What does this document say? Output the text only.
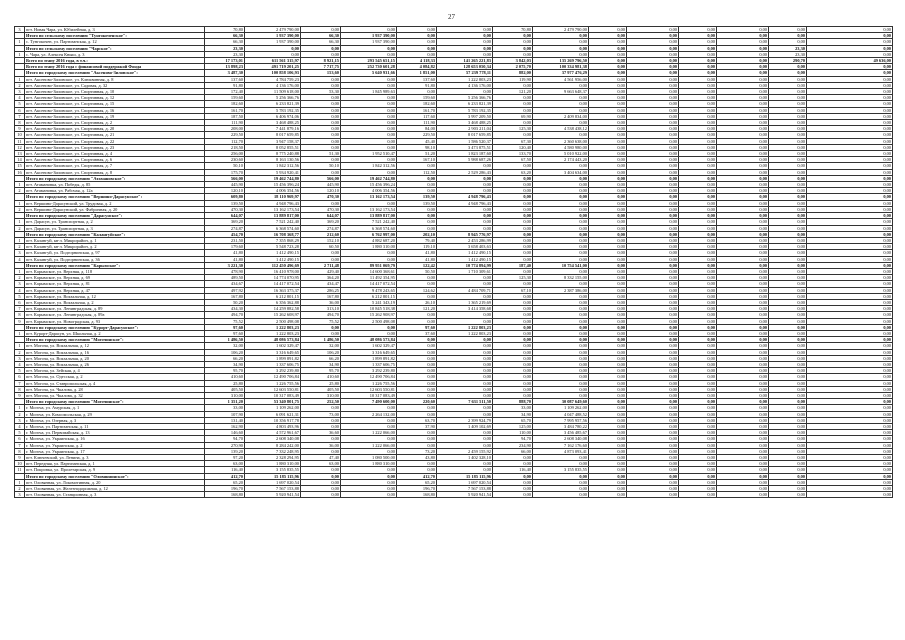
27
3	пгт. Новая Чара, ул. Юбилейная, д. 3	70,80	2 479 790,00	0,00	0,00	0,00	0,00	70,80	2 479 790,00	0,00	0,00	0,00	0,00	0,00	0,00
	Итого по сельскому поселению "Тунгокоченское":	66,30	1 937 390,00	66,30	1 937 390,00	0,00	0,00	0,00	0,00	0,00	0,00	0,00	0,00	0,00	0,00
1	с. Тунгокочен, ул. Партизанская, д. 12	66,30	1 937 390,00	66,30	1 937 390,00	0,00	0,00	0,00	0,00	0,00	0,00	0,00	0,00	0,00	0,00
	Итого по сельскому поселению "Чарское":	23,30	0,00	0,00	0,00	0,00	0,00	0,00	0,00	0,00	0,00	0,00	0,00	23,30	0,00
1	с. Чара, ул. Алексея Кныш, д. 3	23,30	0,00	0,00	0,00	0,00	0,00	0,00	0,00	0,00	0,00	0,00	0,00	23,30	0,00
	Всего по этапу 2016 года, в т.ч.:	17 173,01	611 561 315,97	8 921,15	293 545 651,15	4 118,33	141 265 221,83	3 842,03	135 269 796,50	0,00	0,00	0,00	0,00	290,70	49 636,00
	Всего по этапу 2016 года с финансовой поддержкой Фонда	13 898,23	491 719 201,25	7 717,75	252 730 601,28	4 084,82	128 653 050,34	2 075,70	100 334 981,38	0,00	0,00	0,00	0,00	0,00	0,00
	Итого по городскому поселению "Аксеново-Зиловское":	3 487,30	100 858 106,93	153,60	5 640 931,66	1 851,00	57 239 778,11	882,00	37 977 476,29	0,00	0,00	0,00	0,00	0,00	0,00
1	пгт. Аксеново-Зиловское, ул. Клюквинная, д. 8	137,60	4 784 759,23	0,00	0,00	137,60	1 222 803,23	119,90	4 561 956,00	0,00	0,00	0,00	0,00	0,00	0,00
2	пгт. Аксеново-Зиловское, ул. Садовая, д. 32	91,80	4 136 176,00	0,00	0,00	91,80	4 136 176,00	0,00	0,00	0,00	0,00	0,00	0,00	0,00	0,00
3	пгт. Аксеново-Зиловское, ул. Спортивная, д. 10	172,40	11 509 618,00	53,30	1 845 989,63	0,00	0,00	121,20	9 663 648,37	0,00	0,00	0,00	0,00	0,00	0,00
4	пгт. Аксеново-Зиловское, ул. Спортивная, д. 12	159,60	5 256 366,76	0,00	0,00	159,60	5 256 366,76	0,00	0,00	0,00	0,00	0,00	0,00	0,00	0,00
5	пгт. Аксеново-Зиловское, ул. Спортивная, д. 15	182,60	6 233 821,39	0,00	0,00	182,60	6 233 821,39	0,00	0,00	0,00	0,00	0,00	0,00	0,00	0,00
6	пгт. Аксеново-Зиловское, ул. Спортивная, д. 16	161,70	5 783 192,35	0,00	0,00	161,70	5 783 192,35	0,00	0,00	0,00	0,00	0,00	0,00	0,00	0,00
7	пгт. Аксеново-Зиловское, ул. Спортивная, д. 19	187,50	6 406 974,06	0,00	0,00	117,60	3 997 209,50	69,90	2 409 834,00	0,00	0,00	0,00	0,00	0,00	0,00
8	пгт. Аксеново-Зиловское, ул. Спортивная, д. 2	111,90	3 468 488,25	0,00	0,00	111,90	3 468 488,25	0,00	0,00	0,00	0,00	0,00	0,00	0,00	0,00
9	пгт. Аксеново-Зиловское, ул. Спортивная, д. 20	208,00	7 441 879,16	0,00	0,00	84,00	2 903 211,04	125,30	4 538 438,12	0,00	0,00	0,00	0,00	0,00	0,00
10	пгт. Аксеново-Зиловское, ул. Спортивная, д. 21	229,50	8 017 659,85	0,00	0,00	229,50	8 017 659,85	0,00	0,00	0,00	0,00	0,00	0,00	0,00	0,00
11	пгт. Аксеново-Зиловское, ул. Спортивная, д. 22	112,70	3 947 158,37	0,00	0,00	45,40	1 586 520,37	67,30	2 360 638,00	0,00	0,00	0,00	0,00	0,00	0,00
12	пгт. Аксеново-Зиловское, ул. Спортивная, д. 23	218,50	8 052 855,51	0,00	0,00	98,10	3 473 875,51	120,40	4 580 980,00	0,00	0,00	0,00	0,00	0,00	0,00
13	пгт. Аксеново-Зиловское, ул. Спортивная, д. 4	256,00	8 775 240,88	51,30	1 952 510,47	51,20	1 823 187,60	133,70	5 010 922,00	0,00	0,00	0,00	0,00	0,00	0,00
14	пгт. Аксеново-Зиловское, ул. Спортивная, д. 6	230,60	8 163 130,56	0,00	0,00	167,10	5 988 687,26	67,50	2 174 443,20	0,00	0,00	0,00	0,00	0,00	0,00
15	пгт. Аксеново-Зиловское, ул. Спортивная, д. 7	50,10	1 842 312,56	50,10	1 842 312,56	0,00	0,00	0,00	0,00	0,00	0,00	0,00	0,00	0,00	0,00
16	пгт. Аксеново-Зиловское, ул. Спортивная, д. 8	175,70	5 934 920,41	0,00	0,00	112,50	2 529 286,43	63,20	3 404 634,00	0,00	0,00	0,00	0,00	0,00	0,00
	Итого по городскому поселению "Атамановское":	566,00	19 462 744,80	566,00	19 462 744,80	0,00	0,00	0,00	0,00	0,00	0,00	0,00	0,00	0,00	0,00
1	пгт. Атамановка, ул. Победы, д. 85	445,90	15 456 396,24	445,90	15 456 396,24	0,00	0,00	0,00	0,00	0,00	0,00	0,00	0,00	0,00	0,00
2	пгт. Атамановка, ул. Рабочая, д. 12а	120,10	4 006 354,56	120,10	4 006 354,56	0,00	0,00	0,00	0,00	0,00	0,00	0,00	0,00	0,00	0,00
	Итого по городскому поселению "Вершино-Дарасунское":	609,80	18 110 969,97	470,30	13 162 173,54	139,50	4 948 796,43	0,00	0,00	0,00	0,00	0,00	0,00	0,00	0,00
1	пгт. Вершино-Дарасунский, ул. Трудовая, д. 2	139,50	4 948 796,43	0,00	0,00	139,50	4 948 796,43	0,00	0,00	0,00	0,00	0,00	0,00	0,00	0,00
2	пгт. Вершино-Дарасунский, ул. Фабричная, д. 20	470,30	13 162 173,54	470,30	13 162 173,54	0,00	0,00	0,00	0,00	0,00	0,00	0,00	0,00	0,00	0,00
	Итого по городскому поселению "Дарасунское":	644,07	13 889 817,00	644,07	13 889 817,00	0,00	0,00	0,00	0,00	0,00	0,00	0,00	0,00	0,00	0,00
1	пгт. Дарасун, ул. Транспортная, д. 2	369,20	7 521 242,40	369,20	7 521 242,40	0,00	0,00	0,00	0,00	0,00	0,00	0,00	0,00	0,00	0,00
2	пгт. Дарасун, ул. Транспортная, д. 3	274,87	6 368 574,60	274,87	6 368 574,60	0,00	0,00	0,00	0,00	0,00	0,00	0,00	0,00	0,00	0,00
	Итого по городскому поселению "Калангуйское":	454,70	16 708 368,77	212,60	6 762 997,00	202,10	8 945 776,97	0,00	0,00	0,00	0,00	0,00	0,00	0,00	0,00
1	пгт. Калангуй, кв-л. Микрорайон, д. 1	231,50	7 355 868,29	152,10	4 882 687,20	79,40	2 453 286,99	0,00	0,00	0,00	0,00	0,00	0,00	0,00	0,00
2	пгт. Калангуй, кв-л. Микрорайон, д. 2	179,60	5 548 723,28	60,50	1 880 310,00	119,10	3 658 403,63	0,00	0,00	0,00	0,00	0,00	0,00	0,00	0,00
3	пгт. Калангуй, ул. Подгорнинская, д. 97	41,80	1 412 490,15	0,00	0,00	41,80	1 412 490,15	0,00	0,00	0,00	0,00	0,00	0,00	0,00	0,00
4	пгт. Калангуй, ул. Подгорнинская, д. 36	41,80	1 412 490,15	0,00	0,00	41,80	1 412 490,15	0,00	0,00	0,00	0,00	0,00	0,00	0,00	0,00
	Итого по городскому поселению "Карымское":	3 221,30	112 450 496,69	2 711,48	89 951 069,79	122,42	10 774 894,99	187,40	10 754 541,00	0,00	0,00	0,00	0,00	0,00	0,00
1	пгт. Карымское, ул. Верхняя, д. 118	478,90	16 410 978,00	429,40	14 600 368,61	50,50	1 710 309,61	0,00	0,00	0,00	0,00	0,00	0,00	0,00	0,00
2	пгт. Карымское, ул. Верхняя, д. 69	489,50	14 774 070,95	364,20	11 492 354,95	0,00	0,00	125,30	8 332 155,00	0,00	0,00	0,00	0,00	0,00	0,00
3	пгт. Карымское, ул. Верхняя, д. 81	434,67	14 417 072,54	434,47	14 417 072,54	0,00	0,00	0,00	0,00	0,00	0,00	0,00	0,00	0,00	0,00
4	пгт. Карымское, ул. Верхняя, д. 47	497,92	16 363 375,37	286,25	9 478 243,65	124,62	4 484 709,71	67,10	2 387 386,00	0,00	0,00	0,00	0,00	0,00	0,00
5	пгт. Карымское, ул. Вокзальная, д. 12	167,80	6 212 801,15	167,80	6 212 801,15	0,00	0,00	0,00	0,00	0,00	0,00	0,00	0,00	0,00	0,00
6	пгт. Карымское, ул. Вокзальная, д. 2	50,20	6 356 362,88	36,00	5 241 343,19	26,10	1 365 219,69	0,00	0,00	0,00	0,00	0,00	0,00	0,00	0,00
7	пгт. Карымское, ул. Ленинградская, д. 89	434,30	14 259 882,58	313,10	10 845 518,38	121,20	3 414 358,68	0,00	0,00	0,00	0,00	0,00	0,00	0,00	0,00
8	пгт. Карымское, ул. Ленинградская, д. 89а	494,70	15 262 608,97	494,70	15 262 908,97	0,00	0,00	0,00	0,00	0,00	0,00	0,00	0,00	0,00	0,00
9	пгт. Карымское, ул. Новоградская, д. 93	75,52	2 500 498,08	75,52	2 500 498,08	0,00	0,00	0,00	0,00	0,00	0,00	0,00	0,00	0,00	0,00
	Итого по городскому поселению "Курорт-Дарасунское":	97,60	1 222 803,23	0,00	0,00	97,60	1 222 803,23	0,00	0,00	0,00	0,00	0,00	0,00	0,00	0,00
1	пгт. Курорт-Дарасун, ул. Школьная, д. 2	97,60	1 222 803,23	0,00	0,00	37,60	1 222 803,23	0,00	0,00	0,00	0,00	0,00	0,00	0,00	0,00
	Итого по городскому поселению "Могочинское":	1 486,50	48 086 573,84	1 486,50	48 086 573,84	0,00	0,00	0,00	0,00	0,00	0,00	0,00	0,00	0,00	0,00
1	пгт. Могоча, ул. Вокзальная, д. 12	32,00	1 602 329,47	32,00	1 602 329,47	0,00	0,00	0,00	0,00	0,00	0,00	0,00	0,00	0,00	0,00
2	пгт. Могоча, ул. Вокзальная, д. 16	106,20	3 316 649,65	106,20	3 316 649,65	0,00	0,00	0,00	0,00	0,00	0,00	0,00	0,00	0,00	0,00
3	пгт. Могоча, ул. Вокзальная, д. 20	66,20	1 899 891,82	66,20	1 899 891,82	0,00	0,00	0,00	0,00	0,00	0,00	0,00	0,00	0,00	0,00
4	пгт. Могоча, ул. Вокзальная, д. 26	34,90	1 337 606,75	34,90	1 337 606,75	0,00	0,00	0,00	0,00	0,00	0,00	0,00	0,00	0,00	0,00
5	пгт. Могоча, ул. Зейская, д. 4	95,70	3 292 239,80	95,70	3 292 239,80	0,00	0,00	0,00	0,00	0,00	0,00	0,00	0,00	0,00	0,00
6	пгт. Могоча, ул. Одесская, д. 2	410,60	12 490 706,84	410,60	12 490 706,84	0,00	0,00	0,00	0,00	0,00	0,00	0,00	0,00	0,00	0,00
7	пгт. Могоча, ул. Ставропольская, д. 4	25,80	1 226 755,56	25,80	1 226 755,56	0,00	0,00	0,00	0,00	0,00	0,00	0,00	0,00	0,00	0,00
8	пгт. Могоча, ул. Чкалова, д. 28	405,50	12 603 550,81	405,50	12 603 550,81	0,00	0,00	0,00	0,00	0,00	0,00	0,00	0,00	0,00	0,00
9	пгт. Могоча, ул. Чкалова, д. 32	310,00	10 317 083,49	310,00	10 317 083,49	0,00	0,00	0,00	0,00	0,00	0,00	0,00	0,00	0,00	0,00
	Итого по городскому поселению "Могочинское":	1 351,20	53 340 801,75	252,50	7 490 600,00	220,60	7 631 511,50	888,70	30 087 649,60	0,00	0,00	0,00	0,00	0,00	0,00
1	г. Могоча, ул. Амурская, д. 1	33,00	1 109 262,00	0,00	0,00	0,00	0,00	33,00	1 109 262,00	0,00	0,00	0,00	0,00	0,00	0,00
2	г. Могоча, ул. Комсомольская, д. 29	107,90	6 091 621,31	73,00	2 264 132,00	0,00	0,00	34,90	4 047 488,52	0,00	0,00	0,00	0,00	0,00	0,00
3	г. Могоча, ул. Озерная, д. 3	131,40	10 356 917,78	0,00	0,00	63,70	2 399 924,79	65,70	7 995 957,56	0,00	0,00	0,00	0,00	0,00	0,00
4	г. Могоча, ул. Партизанская, д. 11	162,90	4 803 493,96	0,00	0,00	37,90	1 409 102,69	125,00	3 484 780,22	0,00	0,00	0,00	0,00	0,00	0,00
5	г. Могоча, ул. Первомайская, д. 13	146,60	4 572 961,67	36,60	1 222 066,00	0,00	0,00	110,00	3 456 485,67	0,00	0,00	0,00	0,00	0,00	0,00
6	г. Могоча, ул. Украинская, д. 16	94,70	2 608 340,08	0,00	0,00	0,00	0,00	94,70	2 608 340,08	0,00	0,00	0,00	0,00	0,00	0,00
7	г. Могоча, ул. Украинская, д. 2	270,90	8 284 242,00	36,00	1 222 066,00	0,00	0,00	234,90	7 162 176,60	0,00	0,00	0,00	0,00	0,00	0,00
8	г. Могоча, ул. Украинская, д. 17	139,20	7 332 248,95	0,00	0,00	73,20	2 459 155,92	66,00	4 873 093,41	0,00	0,00	0,00	0,00	0,00	0,00
9	пгт. Ключевский, ул. Ленина, д. 3	97,20	2 328 294,95	47,40	1 080 500,00	43,80	1 402 328,10	0,00	0,00	0,00	0,00	0,00	0,00	0,00	0,00
10	пгт. Передняя, ул. Партизанская, д. 1	63,00	1 880 310,00	63,00	1 880 310,00	0,00	0,00	0,00	0,00	0,00	0,00	0,00	0,00	0,00	0,00
11	пгт. Покровка, ул. Пролетарская, д. 9	116,40	3 155 835,55	0,00	0,00	0,00	0,00	116,40	3 155 835,55	0,00	0,00	0,00	0,00	0,00	0,00
	Итого по городскому поселению "Оловяннинское":	412,70	15 185 115,96	0,00	0,00	412,70	15 185 115,96	0,00	0,00	0,00	0,00	0,00	0,00	0,00	0,00
1	пгт. Оловянная, ул. Локомотивная, д. 20	65,20	1 697 020,54	0,00	0,00	65,20	1 697 020,54	0,00	0,00	0,00	0,00	0,00	0,00	0,00	0,00
2	пгт. Оловянная, ул. Железнодорожная, д. 12	196,70	7 567 153,88	0,00	0,00	196,70	7 567 153,88	0,00	0,00	0,00	0,00	0,00	0,00	0,00	0,00
3	пгт. Оловянная, ул. Станционная, д. 3	168,80	5 920 941,54	0,00	0,00	168,80	5 920 941,54	0,00	0,00	0,00	0,00	0,00	0,00	0,00	0,00
